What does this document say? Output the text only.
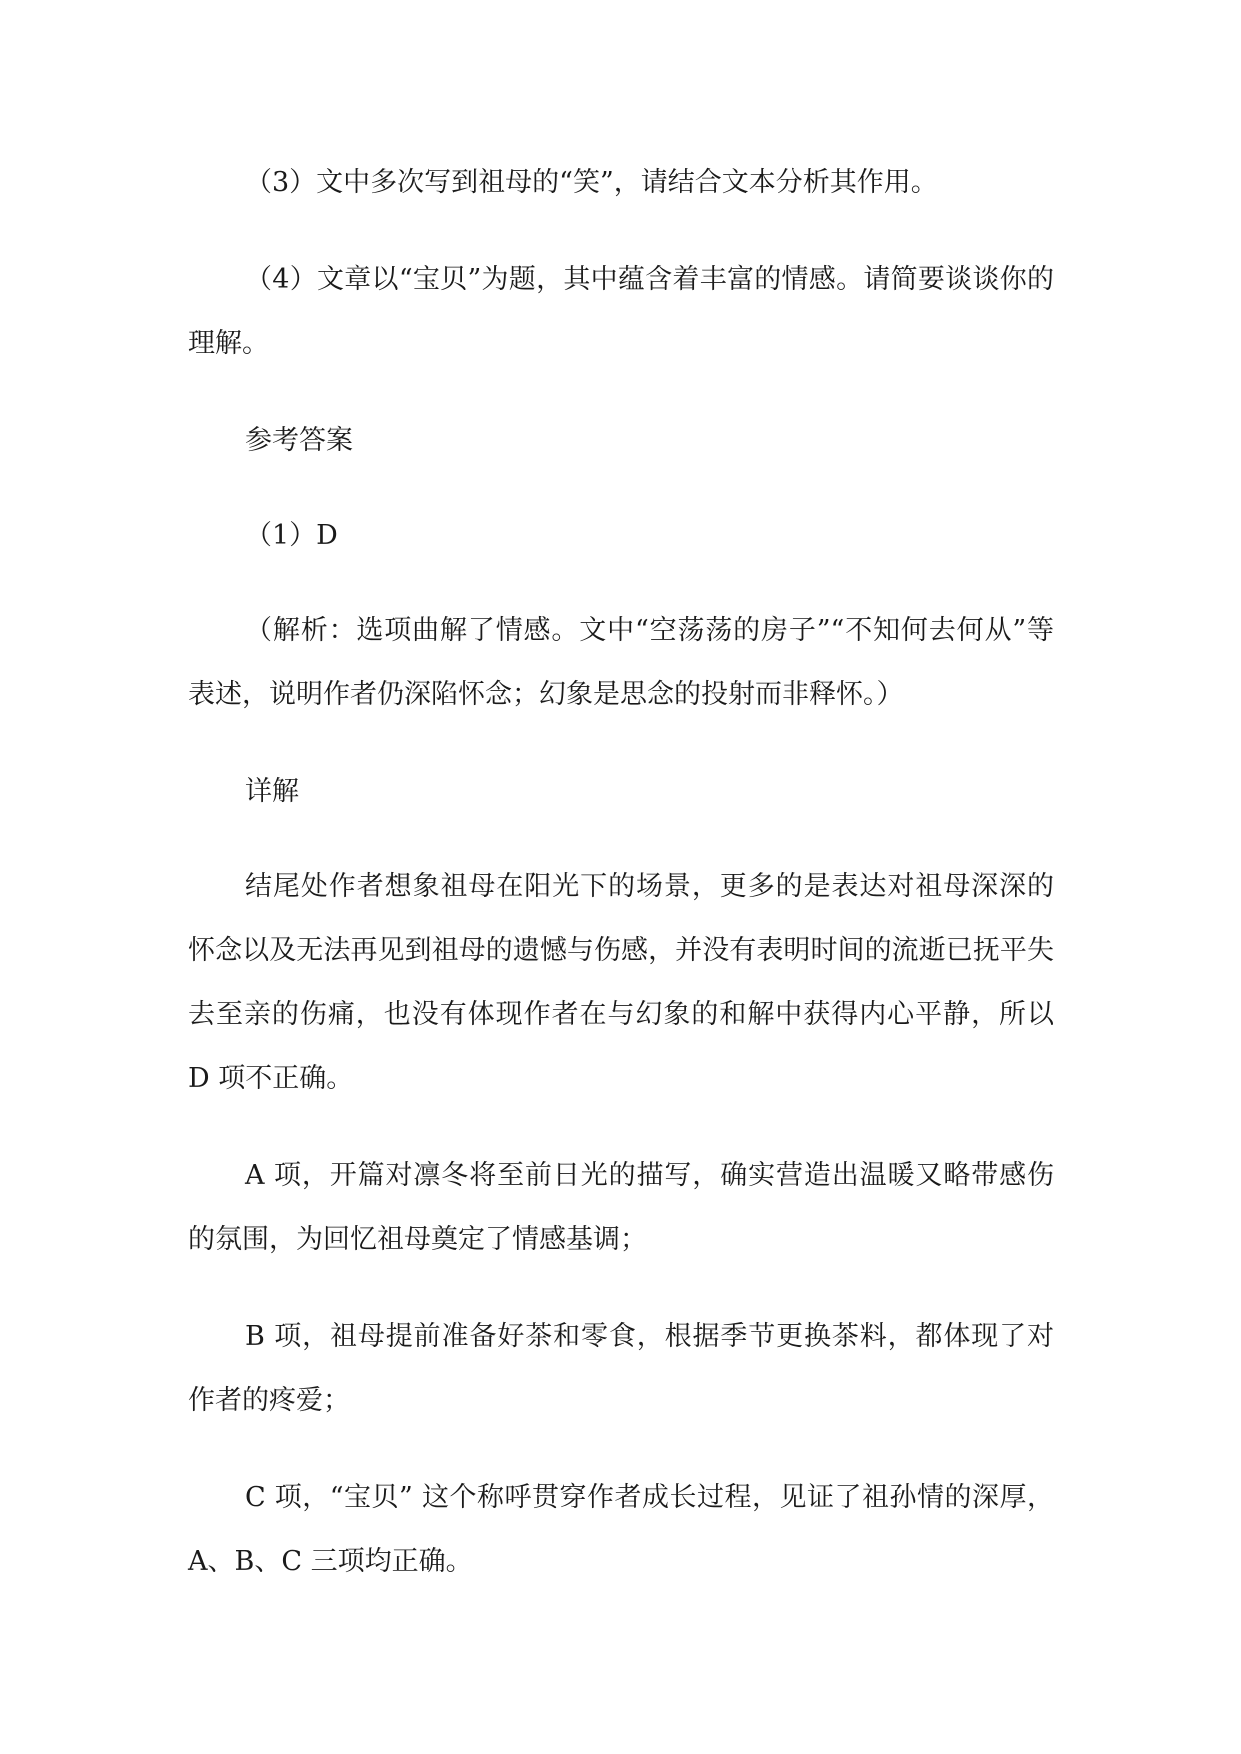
（3）文中多次写到祖母的“笑”，请结合文本分析其作用。

（4）文章以“宝贝”为题，其中蕴含着丰富的情感。请简要谈谈你的理解。

参考答案

（1）D

（解析：选项曲解了情感。文中“空荡荡的房子”“不知何去何从”等表述，说明作者仍深陷怀念；幻象是思念的投射而非释怀。）

详解

结尾处作者想象祖母在阳光下的场景，更多的是表达对祖母深深的怀念以及无法再见到祖母的遗憾与伤感，并没有表明时间的流逝已抚平失去至亲的伤痛，也没有体现作者在与幻象的和解中获得内心平静，所以 D 项不正确。

A 项，开篇对凛冬将至前日光的描写，确实营造出温暖又略带感伤的氛围，为回忆祖母奠定了情感基调；

B 项，祖母提前准备好茶和零食，根据季节更换茶料，都体现了对作者的疼爱；

C 项，“宝贝” 这个称呼贯穿作者成长过程，见证了祖孙情的深厚，A、B、C 三项均正确。
